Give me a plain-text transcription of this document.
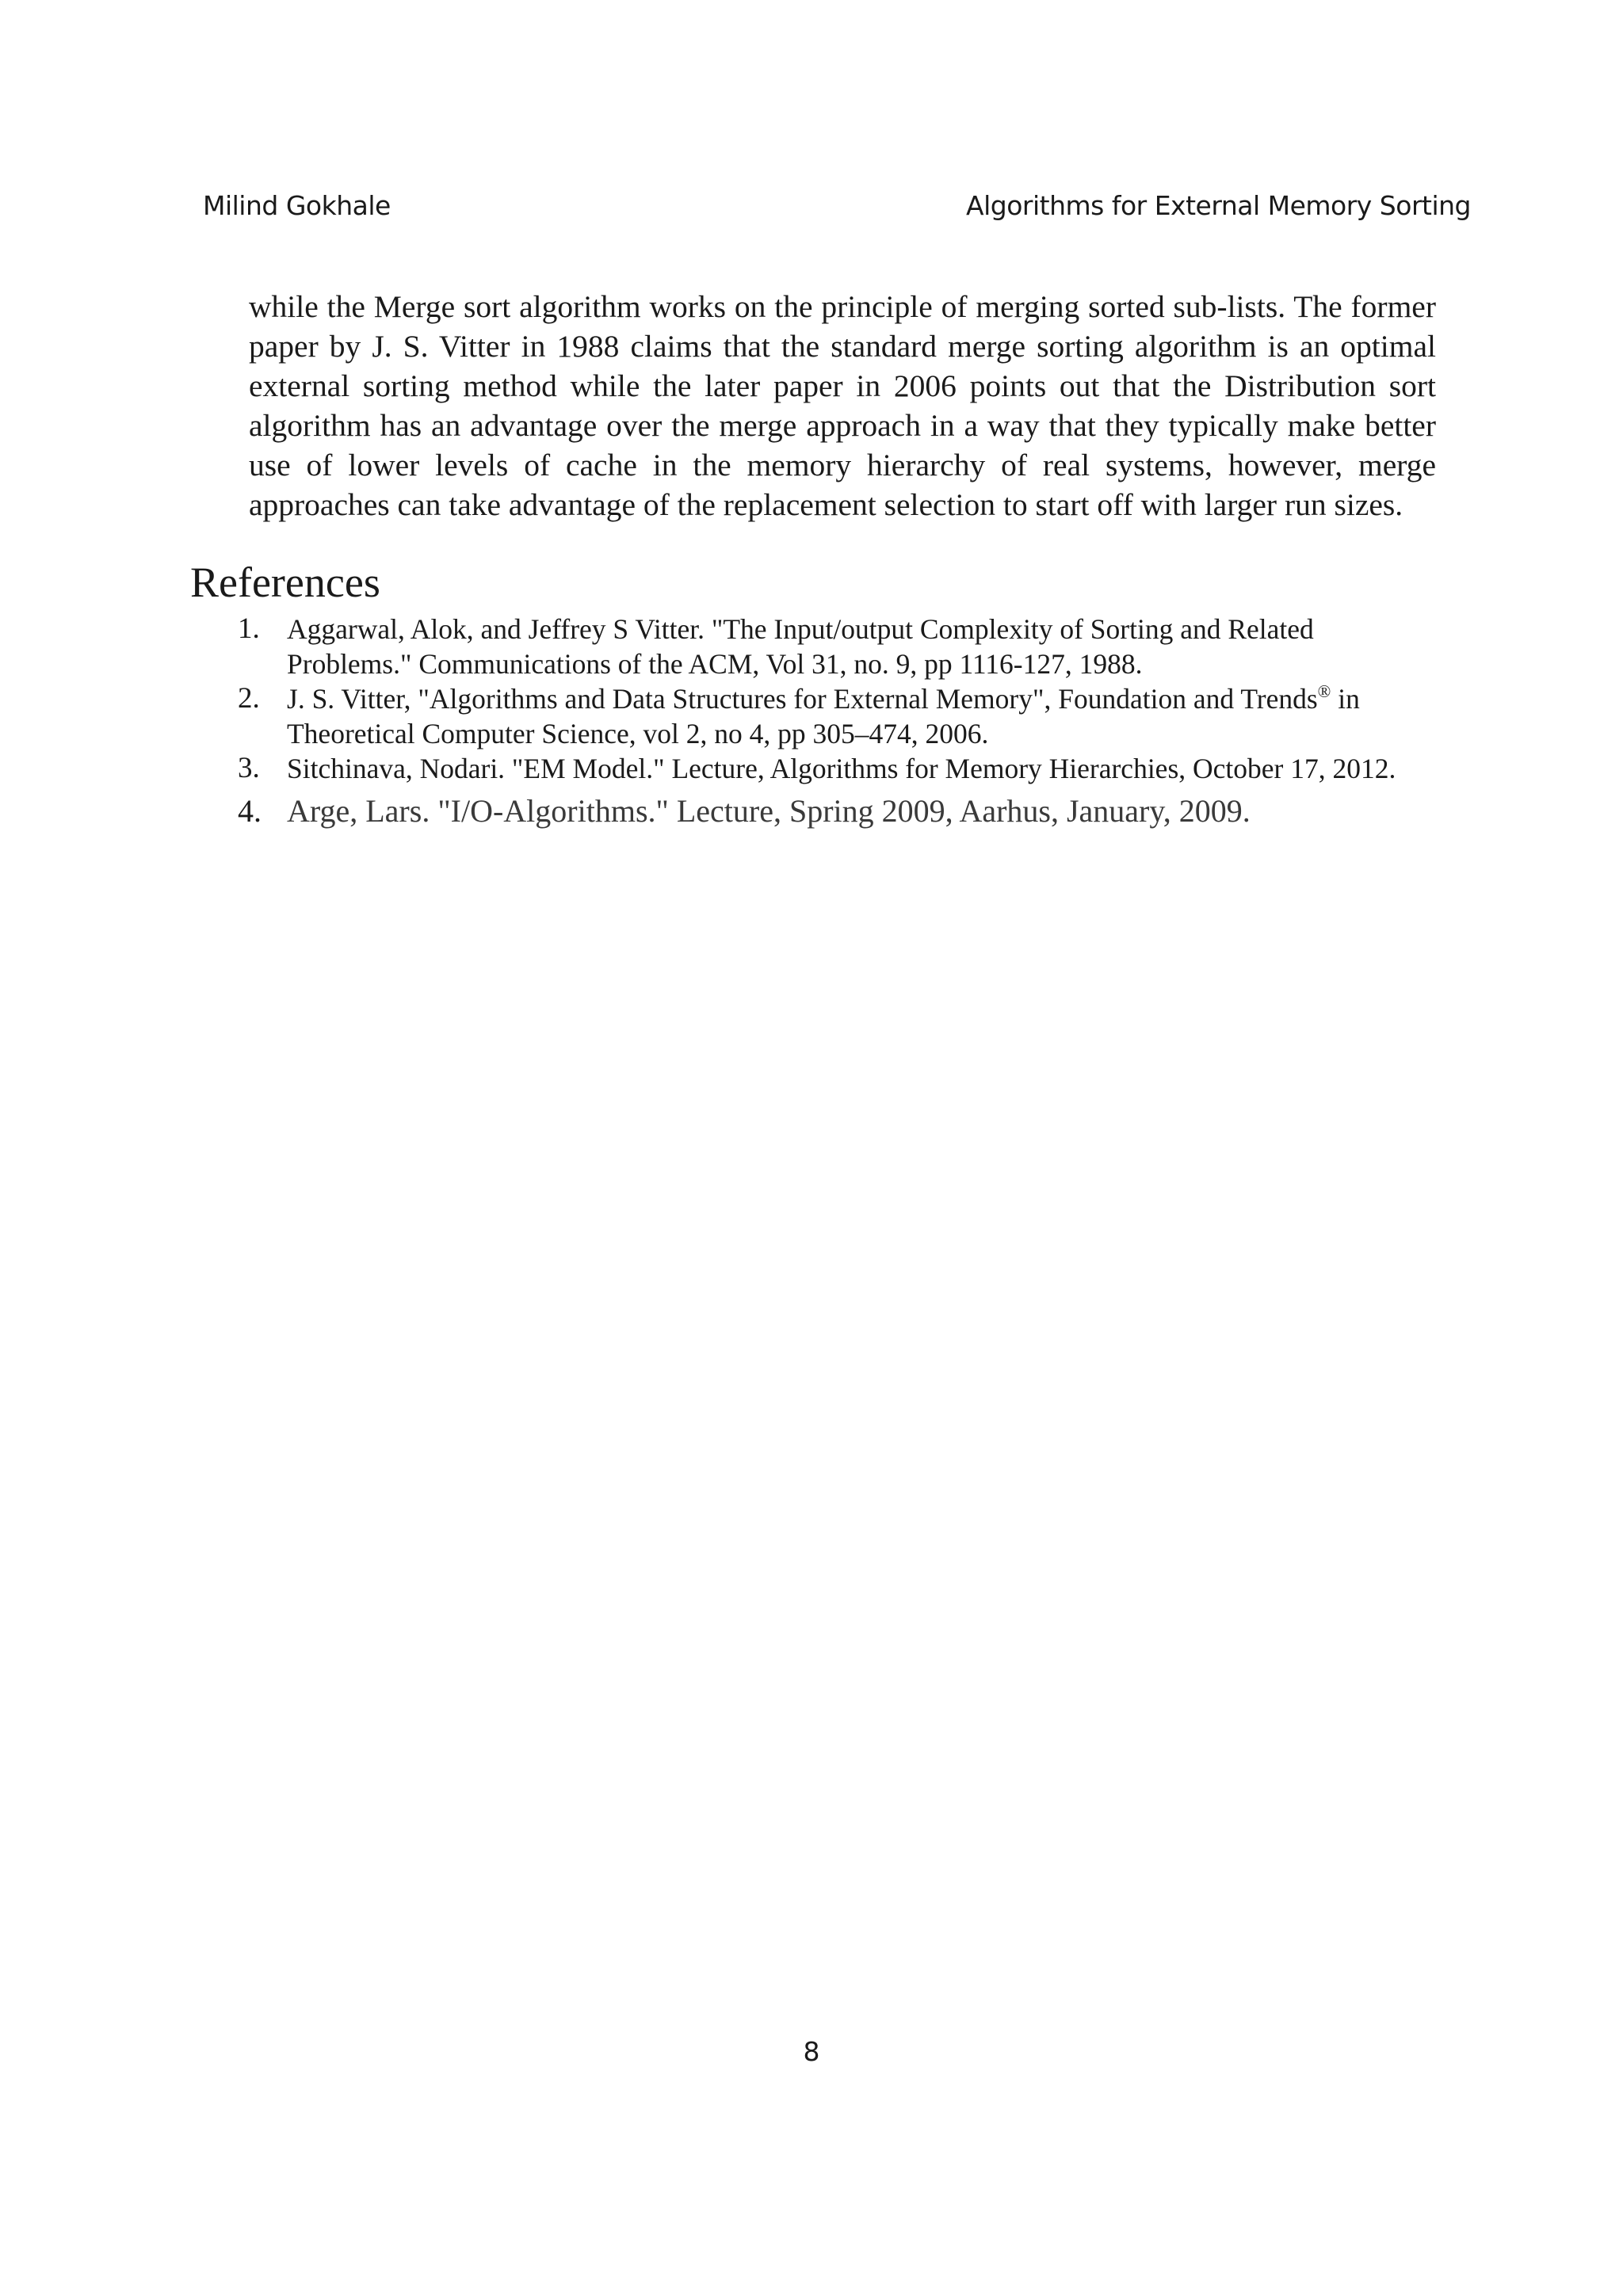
Milind Gokhale	Algorithms for External Memory Sorting

while the Merge sort algorithm works on the principle of merging sorted sub-lists. The former paper by J. S. Vitter in 1988 claims that the standard merge sorting algorithm is an optimal external sorting method while the later paper in 2006 points out that the Distribution sort algorithm has an advantage over the merge approach in a way that they typically make better use of lower levels of cache in the memory hierarchy of real systems, however, merge approaches can take advantage of the replacement selection to start off with larger run sizes.

References
1. Aggarwal, Alok, and Jeffrey S Vitter. "The Input/output Complexity of Sorting and Related Problems." Communications of the ACM, Vol 31, no. 9, pp 1116-127, 1988.
2. J. S. Vitter, "Algorithms and Data Structures for External Memory", Foundation and Trends® in Theoretical Computer Science, vol 2, no 4, pp 305–474, 2006.
3. Sitchinava, Nodari. "EM Model." Lecture, Algorithms for Memory Hierarchies, October 17, 2012.
4. Arge, Lars. "I/O-Algorithms." Lecture, Spring 2009, Aarhus, January, 2009.
8
